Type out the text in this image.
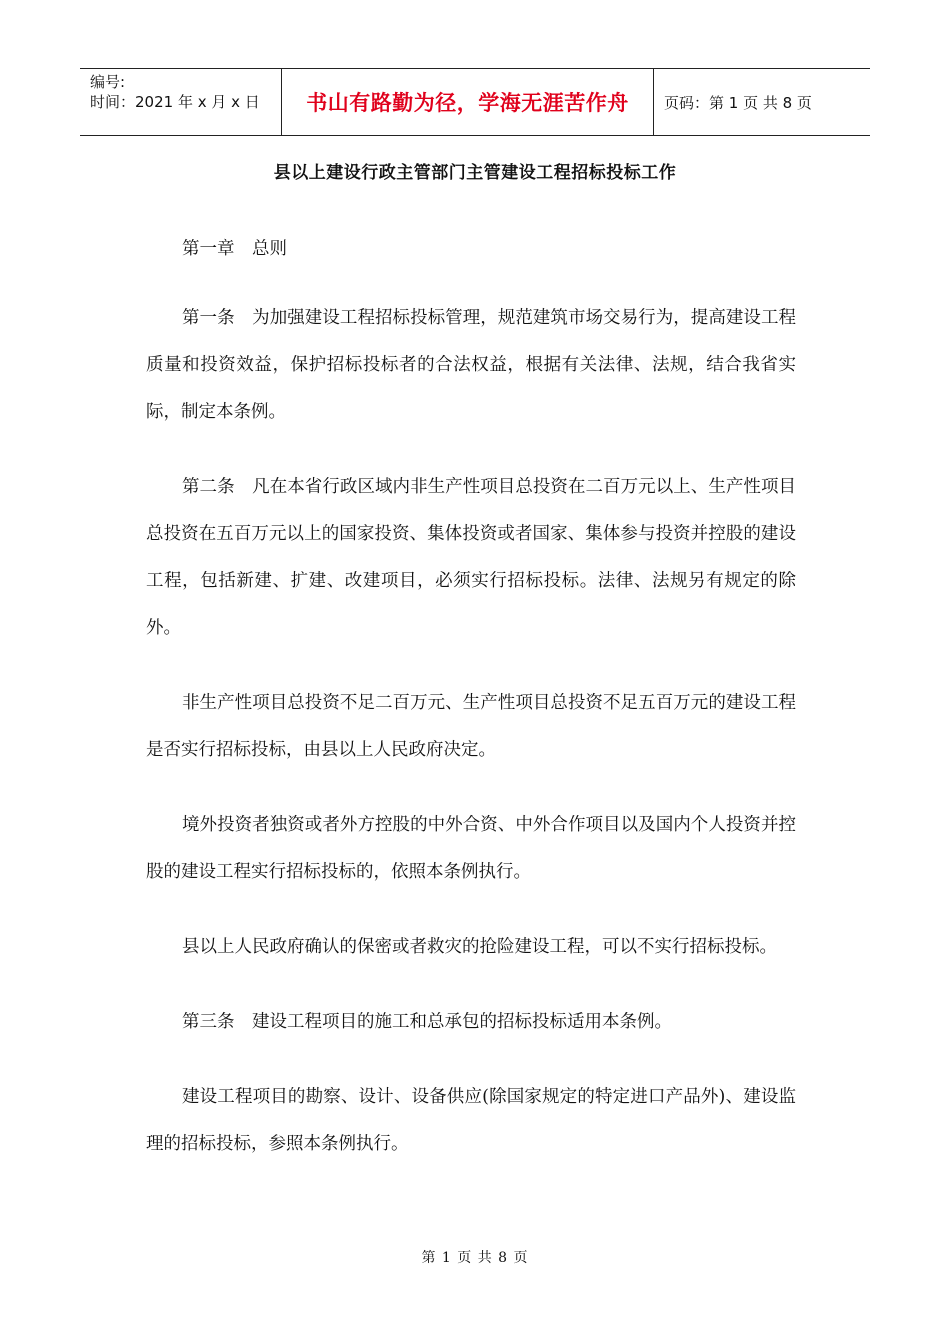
编号:
时间：2021 年 x 月 x 日	书山有路勤为径，学海无涯苦作舟	页码：第 1 页 共 8 页
县以上建设行政主管部门主管建设工程招标投标工作

第一章　总则

第一条　为加强建设工程招标投标管理，规范建筑市场交易行为，提高建设工程质量和投资效益，保护招标投标者的合法权益，根据有关法律、法规，结合我省实际，制定本条例。

第二条　凡在本省行政区域内非生产性项目总投资在二百万元以上、生产性项目总投资在五百万元以上的国家投资、集体投资或者国家、集体参与投资并控股的建设工程，包括新建、扩建、改建项目，必须实行招标投标。法律、法规另有规定的除外。

非生产性项目总投资不足二百万元、生产性项目总投资不足五百万元的建设工程是否实行招标投标，由县以上人民政府决定。

境外投资者独资或者外方控股的中外合资、中外合作项目以及国内个人投资并控股的建设工程实行招标投标的，依照本条例执行。

县以上人民政府确认的保密或者救灾的抢险建设工程，可以不实行招标投标。

第三条　建设工程项目的施工和总承包的招标投标适用本条例。

建设工程项目的勘察、设计、设备供应(除国家规定的特定进口产品外)、建设监理的招标投标，参照本条例执行。

第 1 页 共 8 页
